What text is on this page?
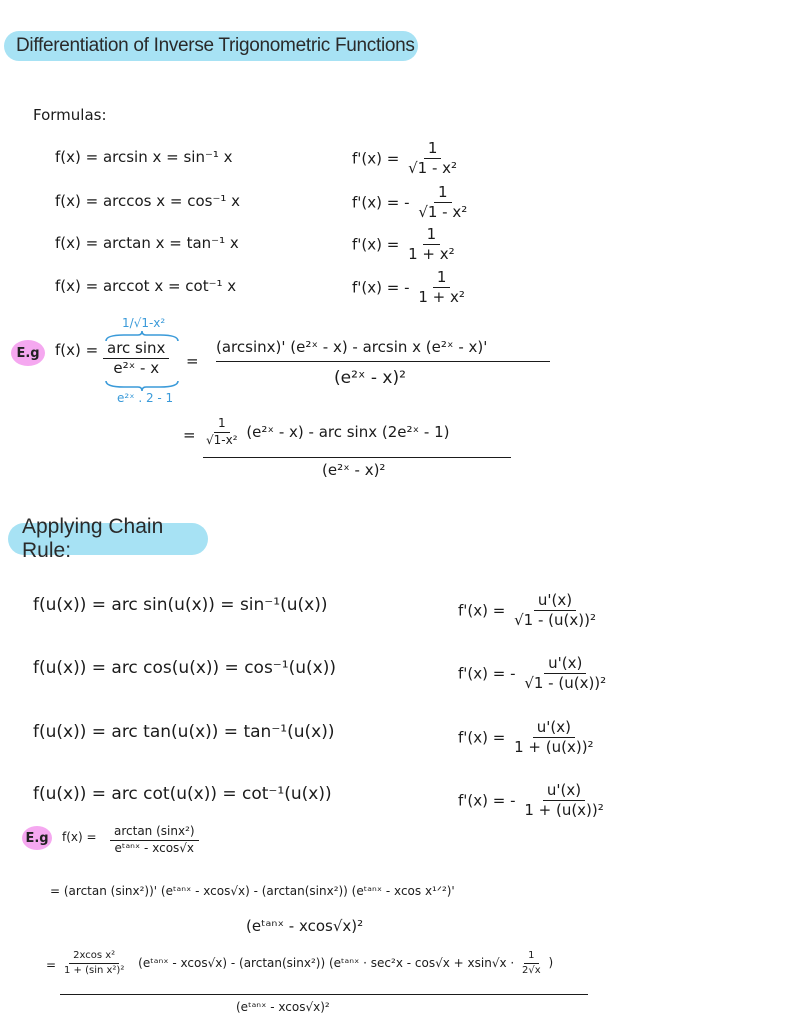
Differentiation of Inverse Trigonometric Functions
Formulas:
f(x) = arcsin x = sin⁻¹ x	$f'(x) = \frac{1}{\text{√1 - x²}}$
f(x) = arccos x = cos⁻¹ x	f'(x) = - $\frac{1}{\text{√1 - x²}}$
f(x) = arctan x = tan⁻¹ x	$f'(x) = \frac{1}{\text{1 + x²}}$
f(x) = arccot x = cot⁻¹ x	f'(x) = - $\frac{1}{\text{1 + x²}}$
E.g
1/√1-x²
$f(x) = \frac{\text{arc sinx}}{\text{e²ˣ - x}}$
e²ˣ . 2 - 1
=
(arcsinx)' (e²ˣ - x) - arcsin x (e²ˣ - x)'
(e²ˣ - x)²
= $\frac{1}{\text{√1-x²}}$ (e²ˣ - x) - arc sinx (2e²ˣ - 1)
(e²ˣ - x)²
Applying Chain Rule:
f(u(x)) = arc sin(u(x)) = sin⁻¹(u(x))	$f'(x) = \frac{u'(x)}{\text{√1 - (u(x))²}}$
f(u(x)) = arc cos(u(x)) = cos⁻¹(u(x))	f'(x) = - $\frac{u'(x)}{\text{√1 - (u(x))²}}$
f(u(x)) = arc tan(u(x)) = tan⁻¹(u(x))	$f'(x) = \frac{u'(x)}{\text{1 + (u(x))²}}$
f(u(x)) = arc cot(u(x)) = cot⁻¹(u(x))	f'(x) = - $\frac{u'(x)}{\text{1 + (u(x))²}}$
E.g $f(x) = \frac{\text{arctan (sinx²)}}{\text{eᵗᵃⁿˣ - xcos√x}}$
= (arctan (sinx²))' (eᵗᵃⁿˣ - xcos√x) - (arctan(sinx²)) (eᵗᵃⁿˣ - xcos x¹ᐟ²)'
(eᵗᵃⁿˣ - xcos√x)²
= $\frac{\text{2xcos x²}}{\text{1 + (sin x²)²}}$ (eᵗᵃⁿˣ - xcos√x) - (arctan(sinx²)) (eᵗᵃⁿˣ · $\sec^2x - \cos√x + xsin√x \cdot \frac{1}{2√x}$ )
(eᵗᵃⁿˣ - xcos√x)²
